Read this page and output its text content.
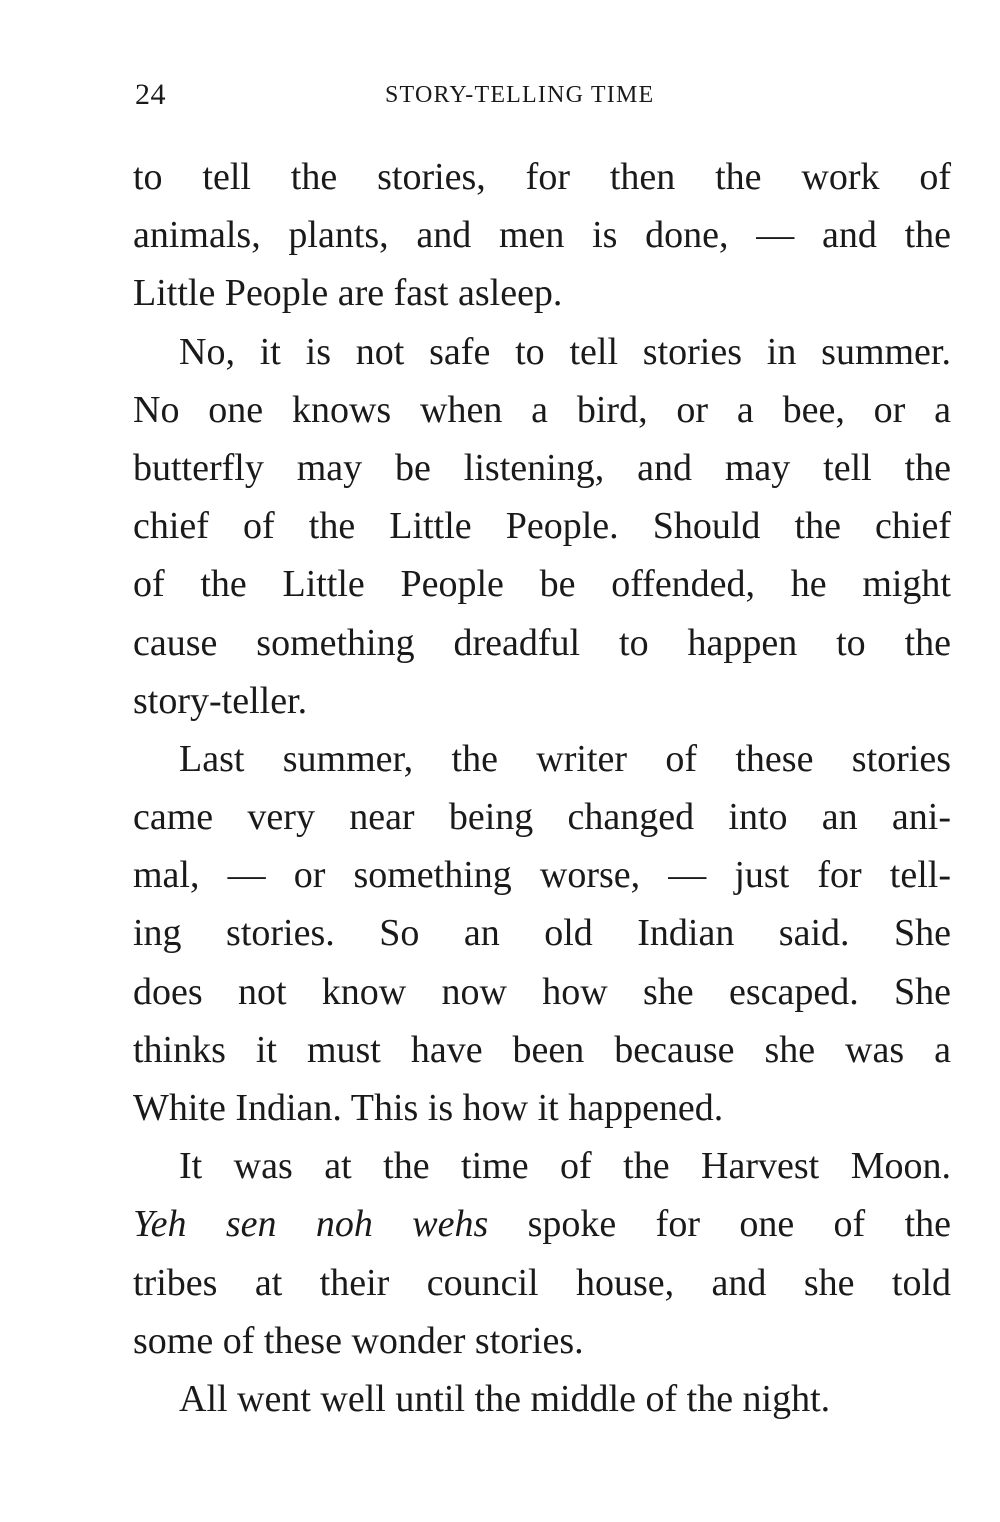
24	STORY-TELLING TIME
to tell the stories, for then the work of
animals, plants, and men is done, — and the
Little People are fast asleep.
No, it is not safe to tell stories in summer.
No one knows when a bird, or a bee, or a
butterfly may be listening, and may tell the
chief of the Little People. Should the chief
of the Little People be offended, he might
cause something dreadful to happen to the
story-teller.
Last summer, the writer of these stories
came very near being changed into an ani-
mal, — or something worse, — just for tell-
ing stories. So an old Indian said. She
does not know now how she escaped. She
thinks it must have been because she was a
White Indian. This is how it happened.
It was at the time of the Harvest Moon.
Yeh sen noh wehs spoke for one of the
tribes at their council house, and she told
some of these wonder stories.
All went well until the middle of the night.
